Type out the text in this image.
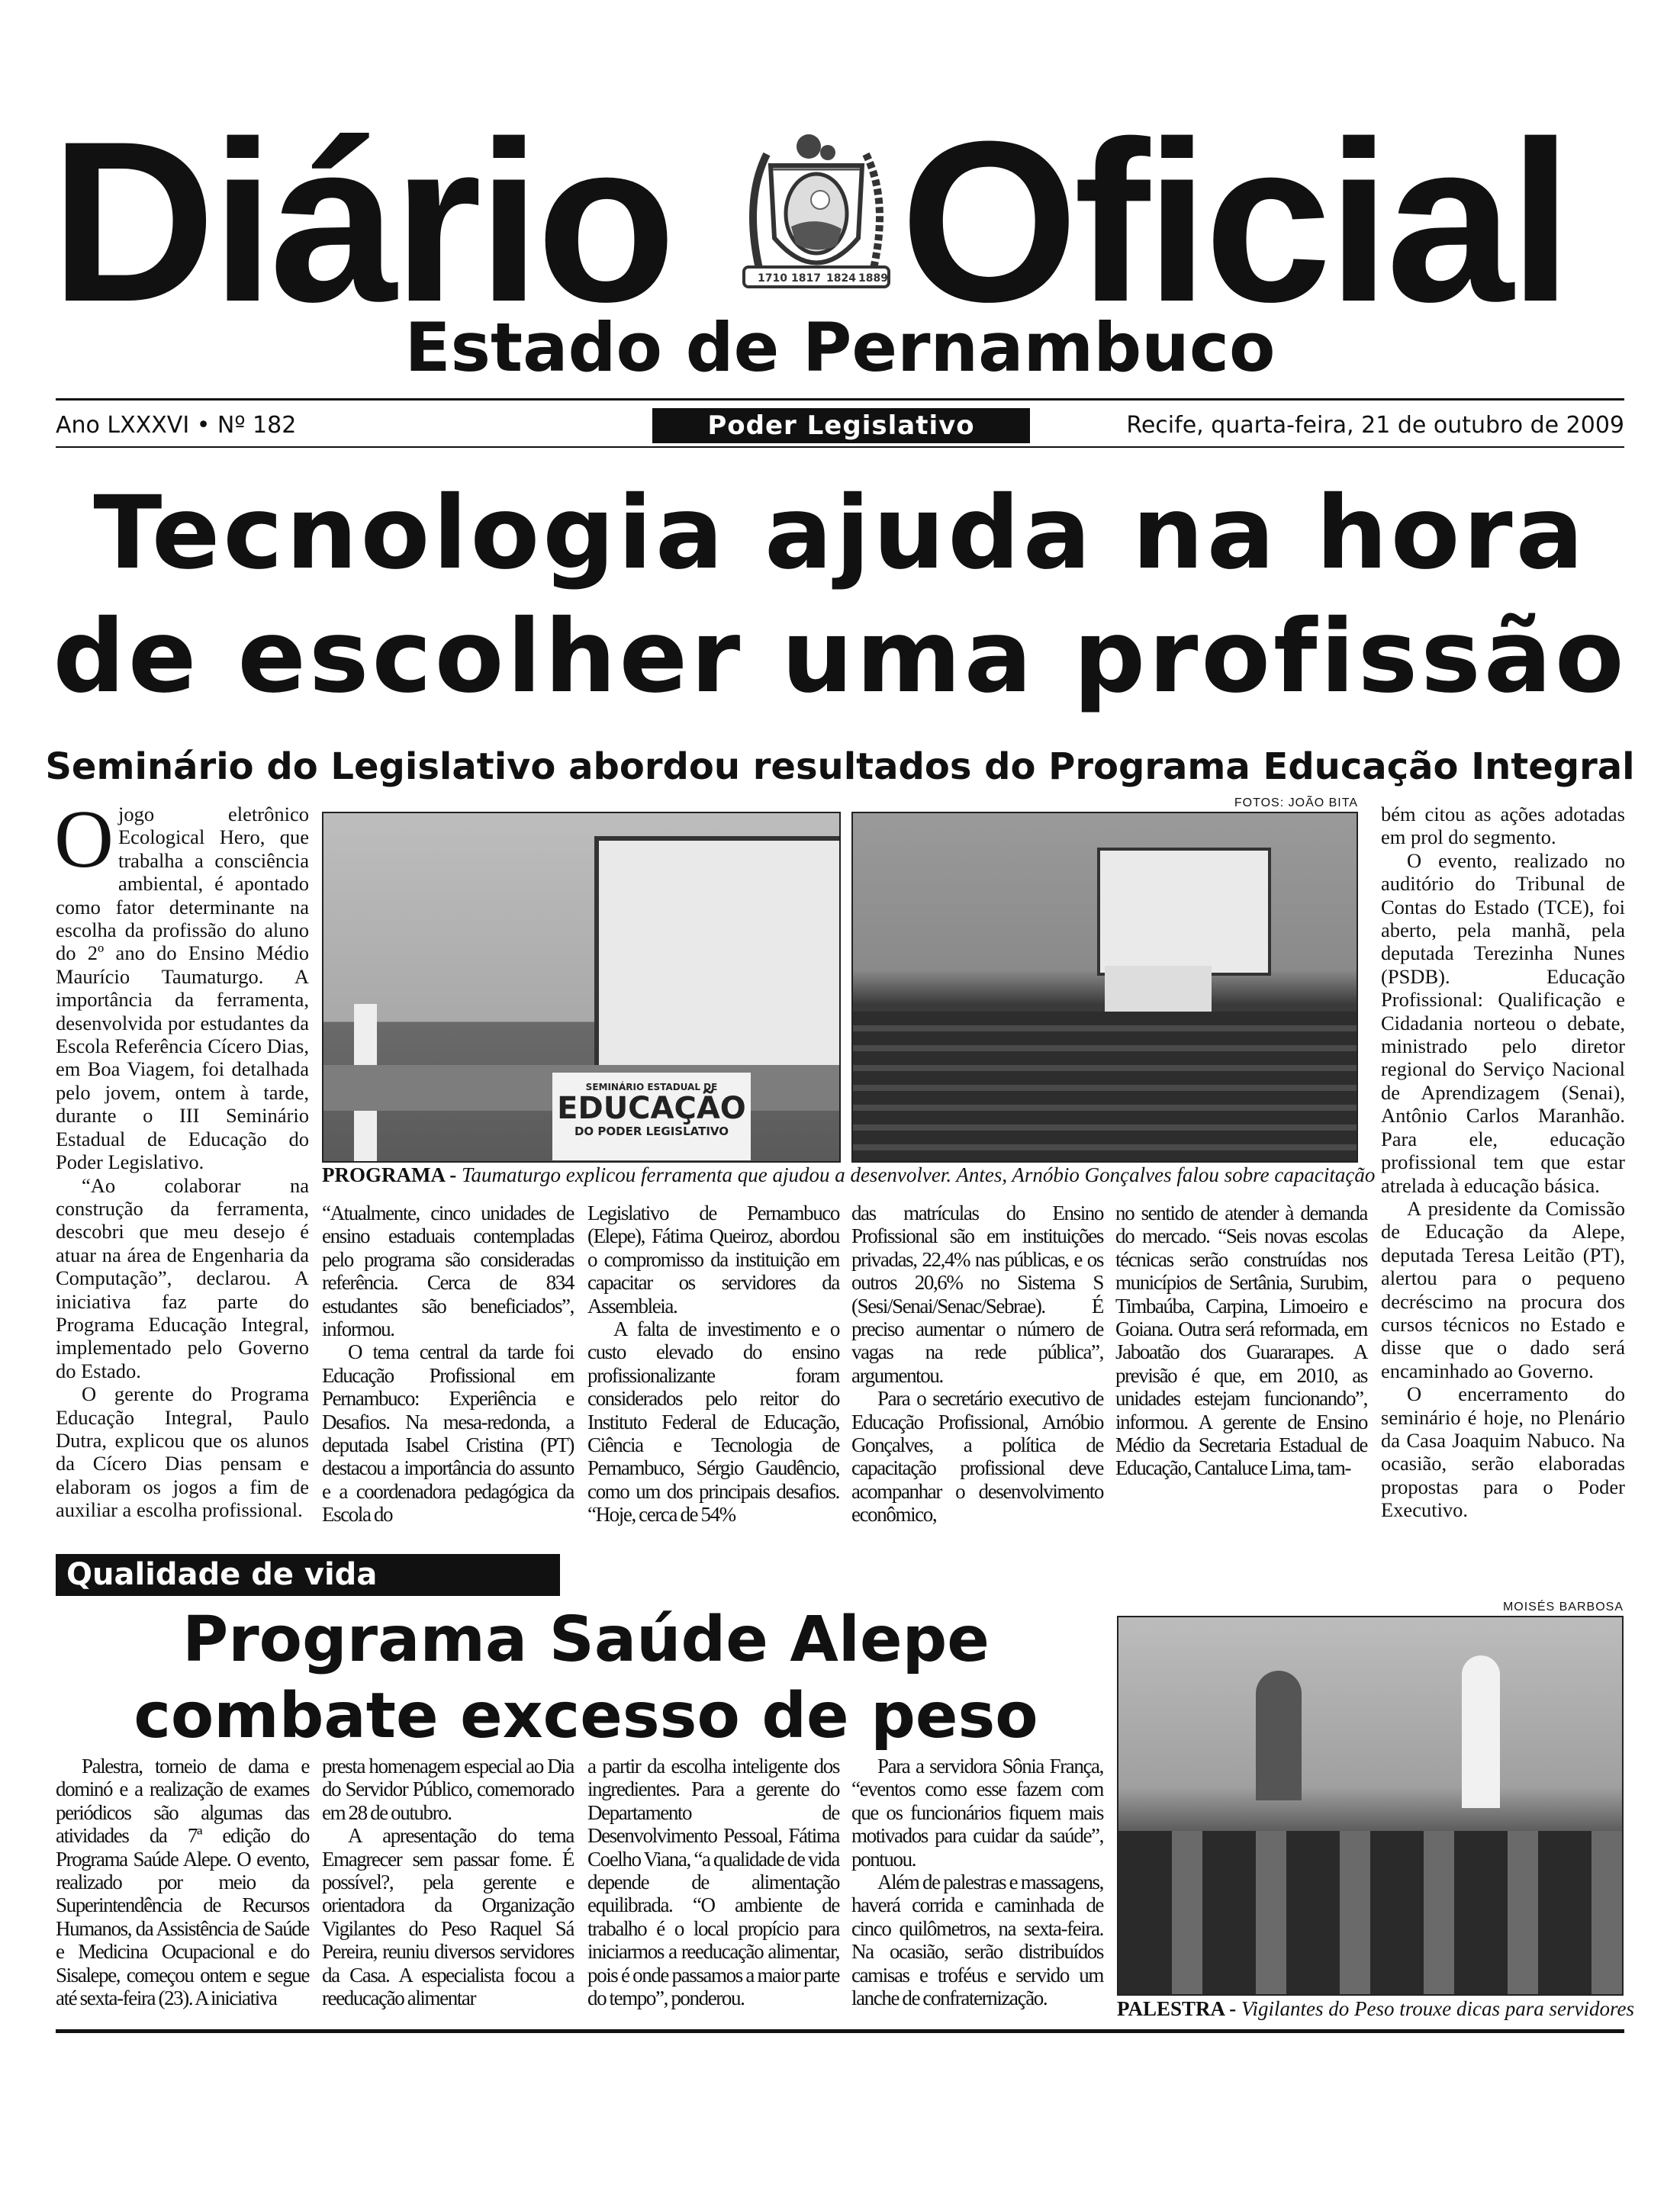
Diário Oficial
1710 1817 1824 1889
Estado de Pernambuco
Ano LXXXVI • Nº 182	Poder Legislativo	Recife, quarta-feira, 21 de outubro de 2009
Tecnologia ajuda na hora
de escolher uma profissão
Seminário do Legislativo abordou resultados do Programa Educação Integral

Ojogo eletrônico Ecological Hero, que trabalha a consciência ambiental, é apontado como fator determinante na escolha da profissão do aluno do 2º ano do Ensino Médio Maurício Taumaturgo. A importância da ferramenta, desenvolvida por estudantes da Escola Referência Cícero Dias, em Boa Viagem, foi detalhada pelo jovem, ontem à tarde, durante o III Seminário Estadual de Educação do Poder Legislativo.

“Ao colaborar na construção da ferramenta, descobri que meu desejo é atuar na área de Engenharia da Computação”, declarou. A iniciativa faz parte do Programa Educação Integral, implementado pelo Governo do Estado.

O gerente do Programa Educação Integral, Paulo Dutra, explicou que os alunos da Cícero Dias pensam e elaboram os jogos a fim de auxiliar a escolha profissional.

SEMINÁRIO ESTADUAL DE
EDUCAÇÃO
DO PODER LEGISLATIVO
FOTOS: JOÃO BITA
PROGRAMA - Taumaturgo explicou ferramenta que ajudou a desenvolver. Antes, Arnóbio Gonçalves falou sobre capacitação

“Atualmente, cinco unidades de ensino estaduais contempladas pelo programa são consideradas referência. Cerca de 834 estudantes são beneficiados”, informou.

O tema central da tarde foi Educação Profissional em Pernambuco: Experiência e Desafios. Na mesa-redonda, a deputada Isabel Cristina (PT) destacou a importância do assunto e a coordenadora pedagógica da Escola do

Legislativo de Pernambuco (Elepe), Fátima Queiroz, abordou o compromisso da instituição em capacitar os servidores da Assembleia.

A falta de investimento e o custo elevado do ensino profissionalizante foram considerados pelo reitor do Instituto Federal de Educação, Ciência e Tecnologia de Pernambuco, Sérgio Gaudêncio, como um dos principais desafios. “Hoje, cerca de 54%

das matrículas do Ensino Profissional são em instituições privadas, 22,4% nas públicas, e os outros 20,6% no Sistema S (Sesi/Senai/Senac/Sebrae). É preciso aumentar o número de vagas na rede pública”, argumentou.

Para o secretário executivo de Educação Profissional, Arnóbio Gonçalves, a política de capacitação profissional deve acompanhar o desenvolvimento econômico,

no sentido de atender à demanda do mercado. “Seis novas escolas técnicas serão construídas nos municípios de Sertânia, Surubim, Timbaúba, Carpina, Limoeiro e Goiana. Outra será reformada, em Jaboatão dos Guararapes. A previsão é que, em 2010, as unidades estejam funcionando”, informou. A gerente de Ensino Médio da Secretaria Estadual de Educação, Cantaluce Lima, tam-

bém citou as ações adotadas em prol do segmento.

O evento, realizado no auditório do Tribunal de Contas do Estado (TCE), foi aberto, pela manhã, pela deputada Terezinha Nunes (PSDB). Educação Profissional: Qualificação e Cidadania norteou o debate, ministrado pelo diretor regional do Serviço Nacional de Aprendizagem (Senai), Antônio Carlos Maranhão. Para ele, educação profissional tem que estar atrelada à educação básica.

A presidente da Comissão de Educação da Alepe, deputada Teresa Leitão (PT), alertou para o pequeno decréscimo na procura dos cursos técnicos no Estado e disse que o dado será encaminhado ao Governo.

O encerramento do seminário é hoje, no Plenário da Casa Joaquim Nabuco. Na ocasião, serão elaboradas propostas para o Poder Executivo.

Qualidade de vida
Programa Saúde Alepe
combate excesso de peso
MOISÉS BARBOSA
PALESTRA - Vigilantes do Peso trouxe dicas para servidores

Palestra, torneio de dama e dominó e a realização de exames periódicos são algumas das atividades da 7ª edição do Programa Saúde Alepe. O evento, realizado por meio da Superintendência de Recursos Humanos, da Assistência de Saúde e Medicina Ocupacional e do Sisalepe, começou ontem e segue até sexta-feira (23). A iniciativa

presta homenagem especial ao Dia do Servidor Público, comemorado em 28 de outubro.

A apresentação do tema Emagrecer sem passar fome. É possível?, pela gerente e orientadora da Organização Vigilantes do Peso Raquel Sá Pereira, reuniu diversos servidores da Casa. A especialista focou a reeducação alimentar

a partir da escolha inteligente dos ingredientes. Para a gerente do Departamento de Desenvolvimento Pessoal, Fátima Coelho Viana, “a qualidade de vida depende de alimentação equilibrada. “O ambiente de trabalho é o local propício para iniciarmos a reeducação alimentar, pois é onde passamos a maior parte do tempo”, ponderou.

Para a servidora Sônia França, “eventos como esse fazem com que os funcionários fiquem mais motivados para cuidar da saúde”, pontuou.

Além de palestras e massagens, haverá corrida e caminhada de cinco quilômetros, na sexta-feira. Na ocasião, serão distribuídos camisas e troféus e servido um lanche de confraternização.
